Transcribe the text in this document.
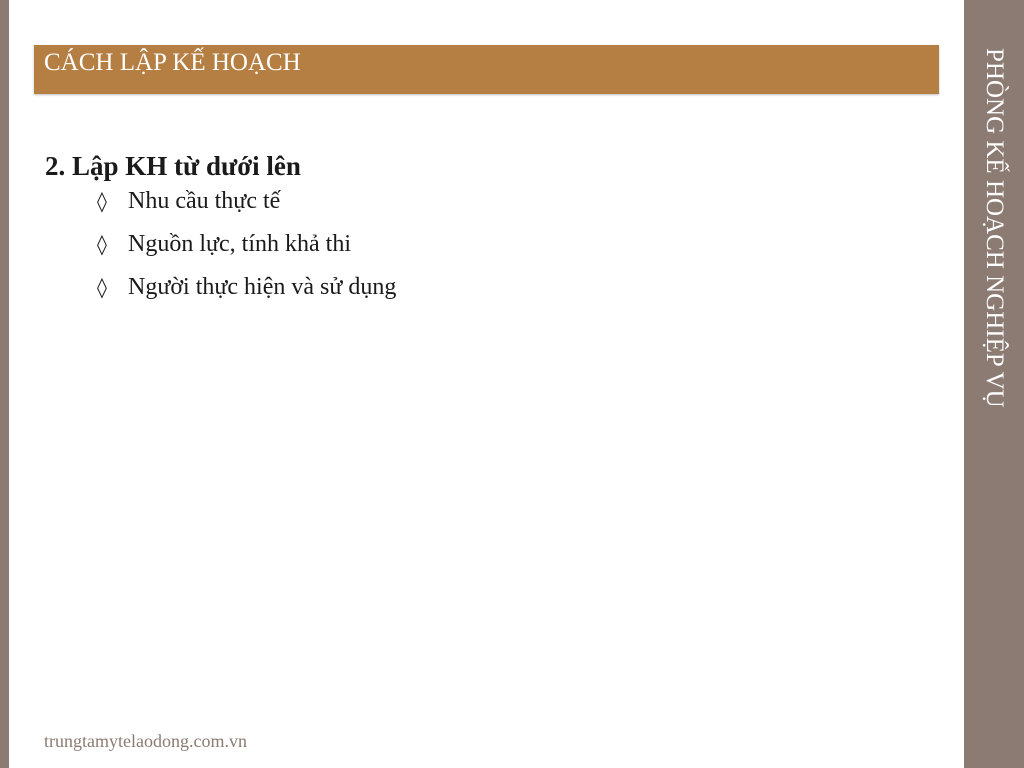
PHÒNG KẾ HOẠCH NGHIỆP VỤ
CÁCH LẬP KẾ HOẠCH
2. Lập KH từ dưới lên
◊ Nhu cầu thực tế
◊ Nguồn lực, tính khả thi
◊ Người thực hiện và sử dụng
trungtamytelaodong.com.vn
